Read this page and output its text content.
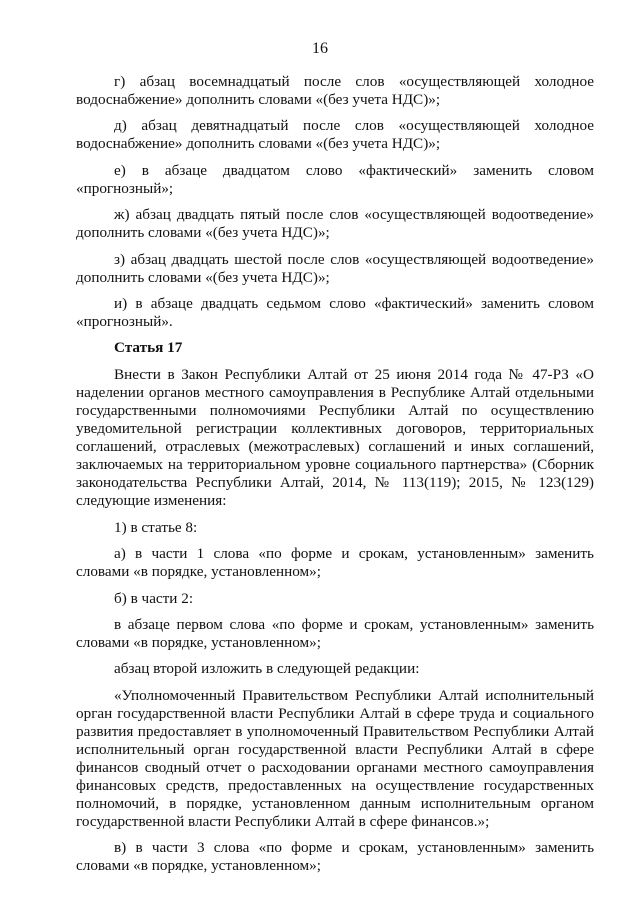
16

г) абзац восемнадцатый после слов «осуществляющей холодное водоснабжение» дополнить словами «(без учета НДС)»;

д) абзац девятнадцатый после слов «осуществляющей холодное водоснабжение» дополнить словами «(без учета НДС)»;

е) в абзаце двадцатом слово «фактический» заменить словом «прогнозный»;

ж) абзац двадцать пятый после слов «осуществляющей водоотведение» дополнить словами «(без учета НДС)»;

з) абзац двадцать шестой после слов «осуществляющей водоотведение» дополнить словами «(без учета НДС)»;

и) в абзаце двадцать седьмом слово «фактический» заменить словом «прогнозный».

Статья 17

Внести в Закон Республики Алтай от 25 июня 2014 года № 47-РЗ «О наделении органов местного самоуправления в Республике Алтай отдельными государственными полномочиями Республики Алтай по осуществлению уведомительной регистрации коллективных договоров, территориальных соглашений, отраслевых (межотраслевых) соглашений и иных соглашений, заключаемых на территориальном уровне социального партнерства» (Сборник законодательства Республики Алтай, 2014, № 113(119); 2015, № 123(129) следующие изменения:

1) в статье 8:

а) в части 1 слова «по форме и срокам, установленным» заменить словами «в порядке, установленном»;

б) в части 2:

в абзаце первом слова «по форме и срокам, установленным» заменить словами «в порядке, установленном»;

абзац второй изложить в следующей редакции:

«Уполномоченный Правительством Республики Алтай исполнительный орган государственной власти Республики Алтай в сфере труда и социального развития предоставляет в уполномоченный Правительством Республики Алтай исполнительный орган государственной власти Республики Алтай в сфере финансов сводный отчет о расходовании органами местного самоуправления финансовых средств, предоставленных на осуществление государственных полномочий, в порядке, установленном данным исполнительным органом государственной власти Республики Алтай в сфере финансов.»;

в) в части 3 слова «по форме и срокам, установленным» заменить словами «в порядке, установленном»;
